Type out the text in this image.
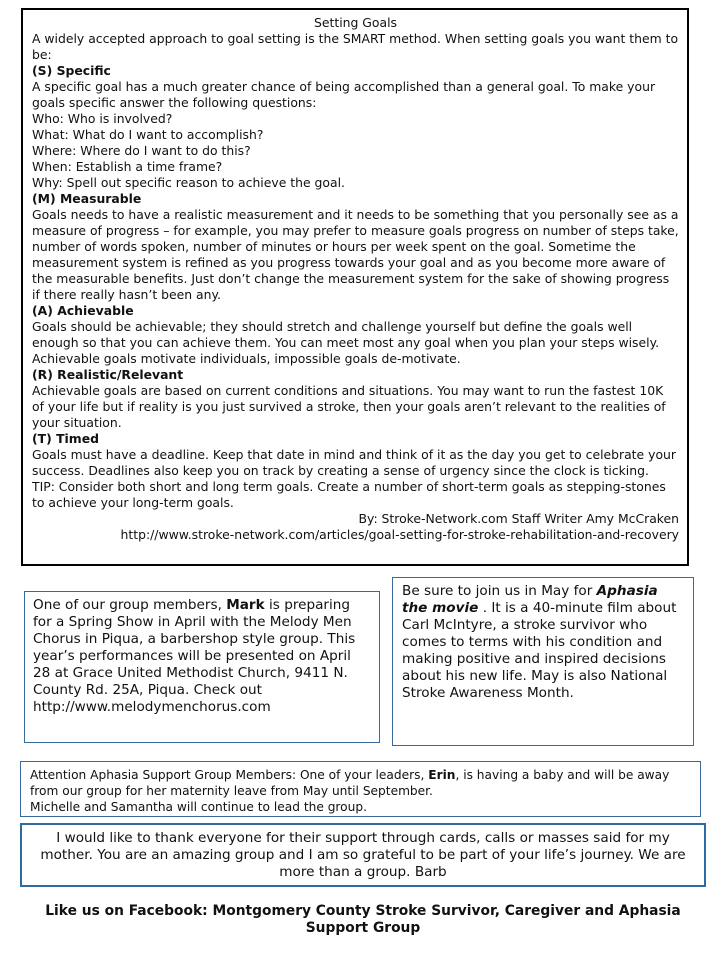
Setting Goals
A widely accepted approach to goal setting is the SMART method. When setting goals you want them to be:
(S) Specific
A specific goal has a much greater chance of being accomplished than a general goal. To make your goals specific answer the following questions:
Who: Who is involved?
What: What do I want to accomplish?
Where: Where do I want to do this?
When: Establish a time frame?
Why: Spell out specific reason to achieve the goal.
(M) Measurable
Goals needs to have a realistic measurement and it needs to be something that you personally see as a measure of progress – for example, you may prefer to measure goals progress on number of steps take, number of words spoken, number of minutes or hours per week spent on the goal. Sometime the measurement system is refined as you progress towards your goal and as you become more aware of the measurable benefits. Just don’t change the measurement system for the sake of showing progress if there really hasn’t been any.
(A) Achievable
Goals should be achievable; they should stretch and challenge yourself but define the goals well enough so that you can achieve them. You can meet most any goal when you plan your steps wisely. Achievable goals motivate individuals, impossible goals de-motivate.
(R) Realistic/Relevant
Achievable goals are based on current conditions and situations. You may want to run the fastest 10K of your life but if reality is you just survived a stroke, then your goals aren’t relevant to the realities of your situation.
(T) Timed
Goals must have a deadline. Keep that date in mind and think of it as the day you get to celebrate your success. Deadlines also keep you on track by creating a sense of urgency since the clock is ticking.
TIP: Consider both short and long term goals. Create a number of short-term goals as stepping-stones to achieve your long-term goals.
By: Stroke-Network.com Staff Writer Amy McCraken
http://www.stroke-network.com/articles/goal-setting-for-stroke-rehabilitation-and-recovery
One of our group members, Mark is preparing for a Spring Show in April with the Melody Men Chorus in Piqua, a barbershop style group. This year’s performances will be presented on April 28 at Grace United Methodist Church, 9411 N. County Rd. 25A, Piqua. Check out http://www.melodymenchorus.com
Be sure to join us in May for Aphasia the movie . It is a 40-minute film about Carl McIntyre, a stroke survivor who comes to terms with his condition and making positive and inspired decisions about his new life. May is also National Stroke Awareness Month.
Attention Aphasia Support Group Members: One of your leaders, Erin, is having a baby and will be away from our group for her maternity leave from May until September.
Michelle and Samantha will continue to lead the group.
I would like to thank everyone for their support through cards, calls or masses said for my mother. You are an amazing group and I am so grateful to be part of your life’s journey. We are more than a group. Barb
Like us on Facebook: Montgomery County Stroke Survivor, Caregiver and Aphasia Support Group
